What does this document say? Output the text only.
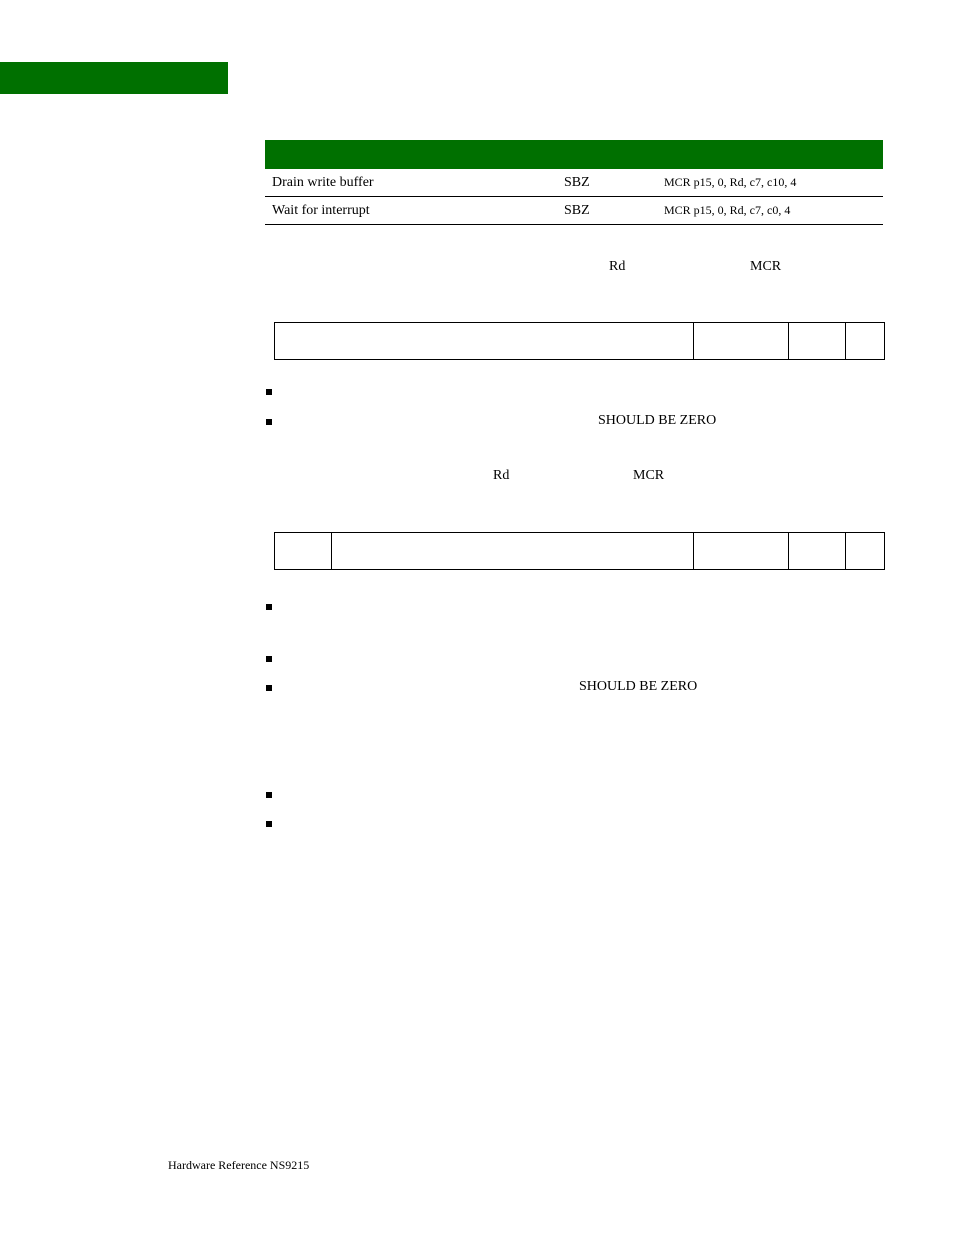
Drain write buffer	SBZ	MCR p15, 0, Rd, c7, c10, 4
Wait for interrupt	SBZ	MCR p15, 0, Rd, c7, c0, 4
Rd	MCR
SHOULD BE ZERO
Rd	MCR
SHOULD BE ZERO
Hardware Reference NS9215
